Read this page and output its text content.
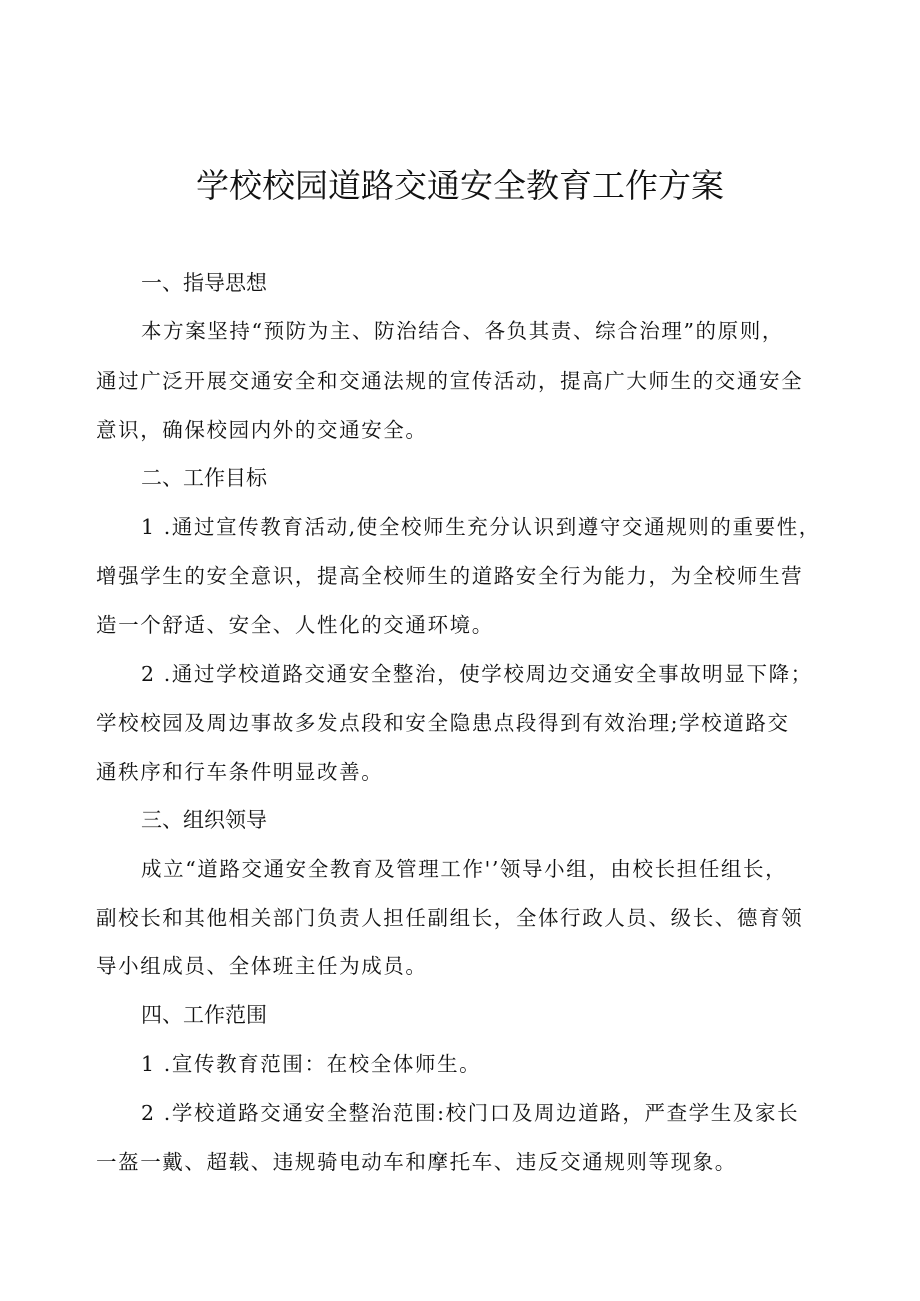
学校校园道路交通安全教育工作方案
一、指导思想
本方案坚持“预防为主、防治结合、各负其责、综合治理”的原则，
通过广泛开展交通安全和交通法规的宣传活动，提高广大师生的交通安全
意识，确保校园内外的交通安全。
二、工作目标
1 .通过宣传教育活动,使全校师生充分认识到遵守交通规则的重要性，
增强学生的安全意识，提高全校师生的道路安全行为能力，为全校师生营
造一个舒适、安全、人性化的交通环境。
2 .通过学校道路交通安全整治，使学校周边交通安全事故明显下降；
学校校园及周边事故多发点段和安全隐患点段得到有效治理;学校道路交
通秩序和行车条件明显改善。
三、组织领导
成立“道路交通安全教育及管理工作'’领导小组，由校长担任组长，
副校长和其他相关部门负责人担任副组长，全体行政人员、级长、德育领
导小组成员、全体班主任为成员。
四、工作范围
1 .宣传教育范围：在校全体师生。
2 .学校道路交通安全整治范围:校门口及周边道路，严查学生及家长
一盔一戴、超载、违规骑电动车和摩托车、违反交通规则等现象。
